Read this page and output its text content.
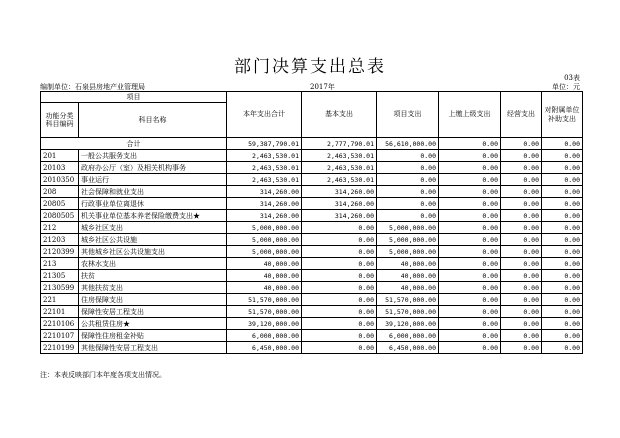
部门决算支出总表
03表
编制单位：石泉县房地产业管理局	2017年	单位：元
项目		本年支出合计	基本支出	项目支出	上缴上级支出	经营支出	对附属单位补助支出
功能分类科目编码	科目名称						
合计		59,387,790.01	2,777,790.01	56,610,000.00	0.00	0.00	0.00
201	一般公共服务支出	2,463,530.01	2,463,530.01	0.00	0.00	0.00	0.00
20103	政府办公厅（室）及相关机构事务	2,463,530.01	2,463,530.01	0.00	0.00	0.00	0.00
2010350	事业运行	2,463,530.01	2,463,530.01	0.00	0.00	0.00	0.00
208	社会保障和就业支出	314,260.00	314,260.00	0.00	0.00	0.00	0.00
20805	行政事业单位离退休	314,260.00	314,260.00	0.00	0.00	0.00	0.00
2080505	机关事业单位基本养老保险缴费支出★	314,260.00	314,260.00	0.00	0.00	0.00	0.00
212	城乡社区支出	5,000,000.00	0.00	5,000,000.00	0.00	0.00	0.00
21203	城乡社区公共设施	5,000,000.00	0.00	5,000,000.00	0.00	0.00	0.00
2120399	其他城乡社区公共设施支出	5,000,000.00	0.00	5,000,000.00	0.00	0.00	0.00
213	农林水支出	40,000.00	0.00	40,000.00	0.00	0.00	0.00
21305	扶贫	40,000.00	0.00	40,000.00	0.00	0.00	0.00
2130599	其他扶贫支出	40,000.00	0.00	40,000.00	0.00	0.00	0.00
221	住房保障支出	51,570,000.00	0.00	51,570,000.00	0.00	0.00	0.00
22101	保障性安居工程支出	51,570,000.00	0.00	51,570,000.00	0.00	0.00	0.00
2210106	公共租赁住房★	39,120,000.00	0.00	39,120,000.00	0.00	0.00	0.00
2210107	保障性住房租金补贴	6,000,000.00	0.00	6,000,000.00	0.00	0.00	0.00
2210199	其他保障性安居工程支出	6,450,000.00	0.00	6,450,000.00	0.00	0.00	0.00
注：本表反映部门本年度各项支出情况。
